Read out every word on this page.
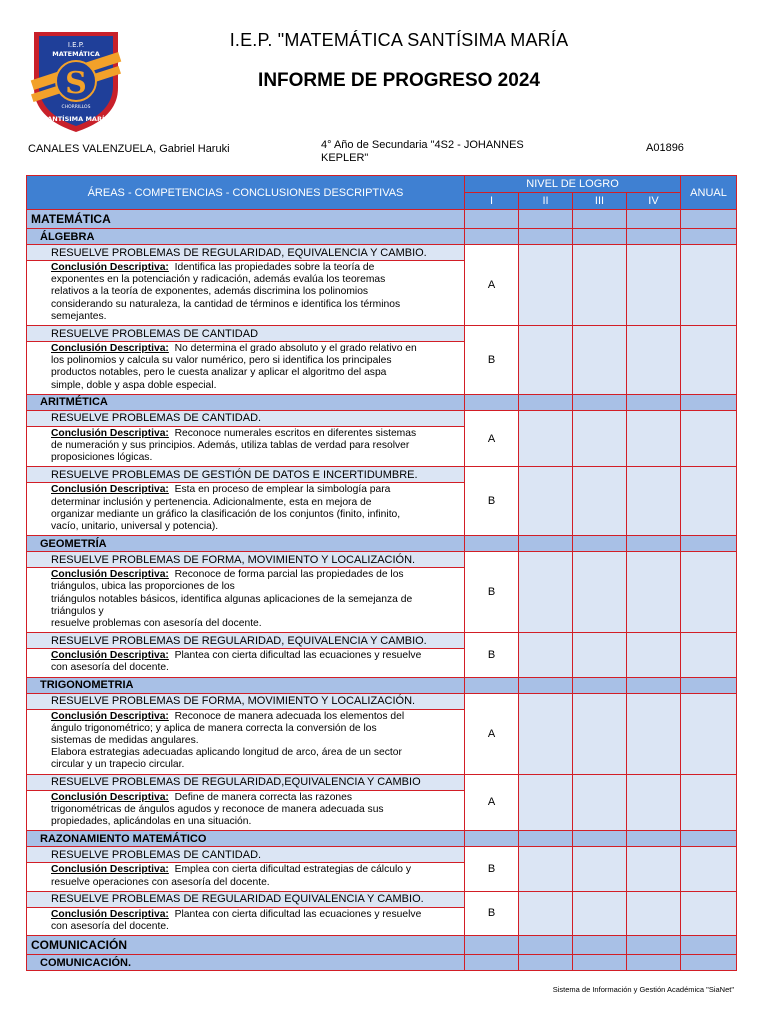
I.E.P.
MATEMÁTICA
S
CHORRILLOS
SANTÍSIMA MARÍA
I.E.P. "MATEMÁTICA SANTÍSIMA MARÍA
INFORME DE PROGRESO 2024
CANALES VALENZUELA, Gabriel Haruki	4° Año de Secundaria "4S2 - JOHANNES
KEPLER"
A01896
ÁREAS - COMPETENCIAS - CONCLUSIONES DESCRIPTIVAS	NIVEL DE LOGRO				ANUAL
	I	II	III	IV	
MATEMÁTICA					
ÁLGEBRA					
RESUELVE PROBLEMAS DE REGULARIDAD, EQUIVALENCIA Y CAMBIO.	A				
Conclusión Descriptiva: Identifica las propiedades sobre la teoría de
exponentes en la potenciación y radicación, además evalúa los teoremas
relativos a la teoría de exponentes, además discrimina los polinomios
considerando su naturaleza, la cantidad de términos e identifica los términos
semejantes.					
RESUELVE PROBLEMAS DE CANTIDAD	B				
Conclusión Descriptiva: No determina el grado absoluto y el grado relativo en
los polinomios y calcula su valor numérico, pero si identifica los principales
productos notables, pero le cuesta analizar y aplicar el algoritmo del aspa
simple, doble y aspa doble especial.					
ARITMÉTICA					
RESUELVE PROBLEMAS DE CANTIDAD.	A				
Conclusión Descriptiva: Reconoce numerales escritos en diferentes sistemas
de numeración y sus principios. Además, utiliza tablas de verdad para resolver
proposiciones lógicas.					
RESUELVE PROBLEMAS DE GESTIÓN DE DATOS E INCERTIDUMBRE.	B				
Conclusión Descriptiva: Esta en proceso de emplear la simbología para
determinar inclusión y pertenencia. Adicionalmente, esta en mejora de
organizar mediante un gráfico la clasificación de los conjuntos (finito, infinito,
vacío, unitario, universal y potencia).					
GEOMETRÍA					
RESUELVE PROBLEMAS DE FORMA, MOVIMIENTO Y LOCALIZACIÓN.	B				
Conclusión Descriptiva: Reconoce de forma parcial las propiedades de los
triángulos, ubica las proporciones de los
triángulos notables básicos, identifica algunas aplicaciones de la semejanza de
triángulos y
resuelve problemas con asesoría del docente.					
RESUELVE PROBLEMAS DE REGULARIDAD, EQUIVALENCIA Y CAMBIO.	B				
Conclusión Descriptiva: Plantea con cierta dificultad las ecuaciones y resuelve
con asesoría del docente.					
TRIGONOMETRIA					
RESUELVE PROBLEMAS DE FORMA, MOVIMIENTO Y LOCALIZACIÓN.	A				
Conclusión Descriptiva: Reconoce de manera adecuada los elementos del
ángulo trigonométrico; y aplica de manera correcta la conversión de los
sistemas de medidas angulares.
Elabora estrategias adecuadas aplicando longitud de arco, área de un sector
circular y un trapecio circular.					
RESUELVE PROBLEMAS DE REGULARIDAD,EQUIVALENCIA Y CAMBIO	A				
Conclusión Descriptiva: Define de manera correcta las razones
trigonométricas de ángulos agudos y reconoce de manera adecuada sus
propiedades, aplicándolas en una situación.					
RAZONAMIENTO MATEMÁTICO					
RESUELVE PROBLEMAS DE CANTIDAD.	B				
Conclusión Descriptiva: Emplea con cierta dificultad estrategias de cálculo y
resuelve operaciones con asesoría del docente.					
RESUELVE PROBLEMAS DE REGULARIDAD EQUIVALENCIA Y CAMBIO.	B				
Conclusión Descriptiva: Plantea con cierta dificultad las ecuaciones y resuelve
con asesoría del docente.					
COMUNICACIÓN					
COMUNICACIÓN.					
Sistema de Información y Gestión Académica "SiaNet"
